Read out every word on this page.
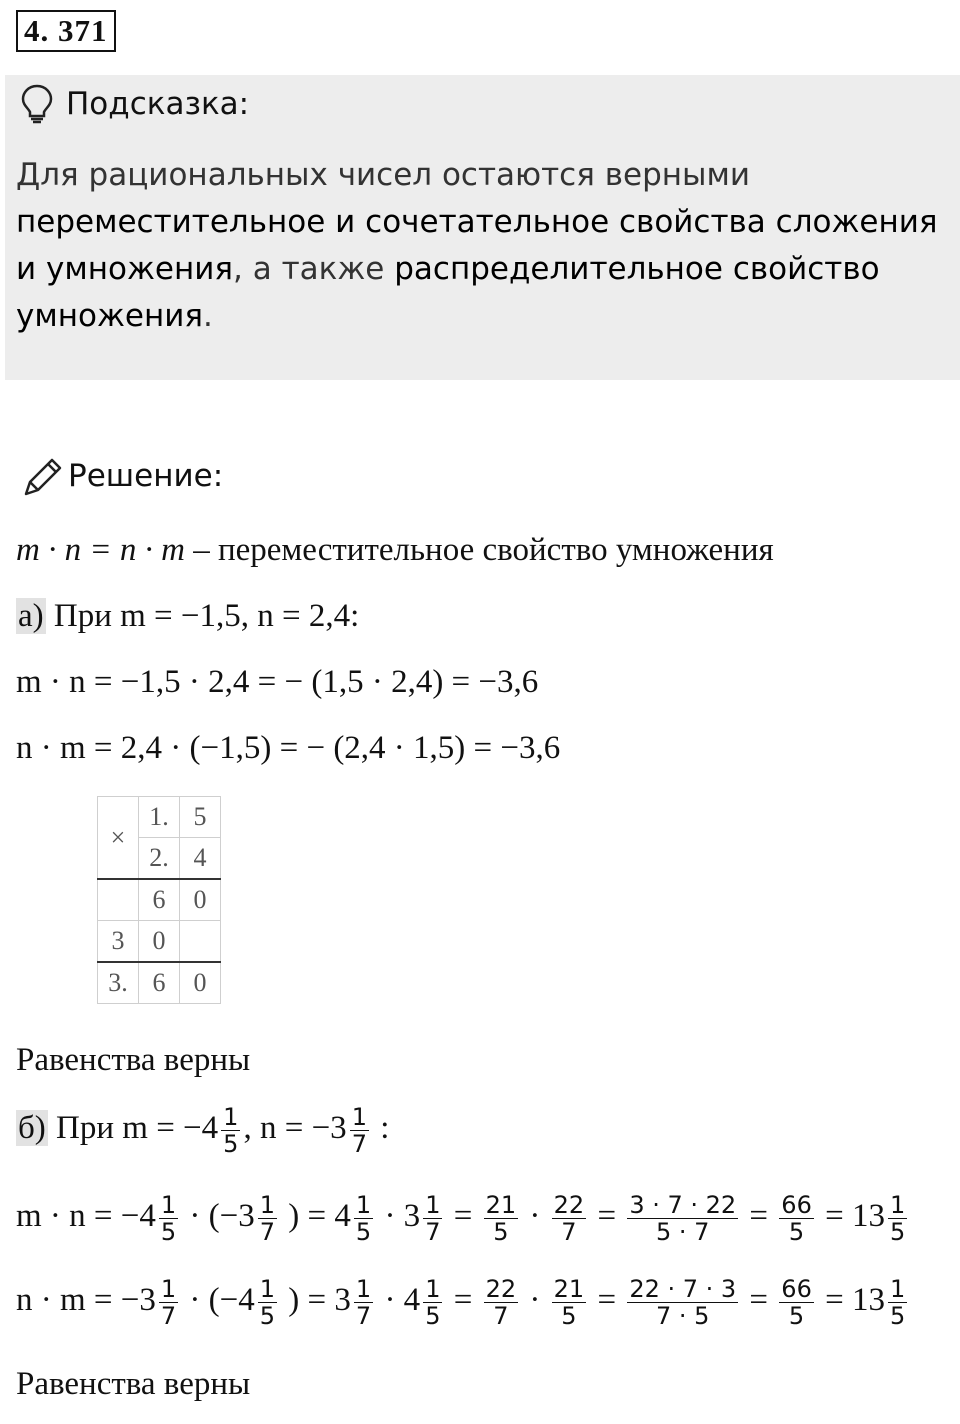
4. 371
Подсказка:
Для рациональных чисел остаются верными
переместительное и сочетательное свойства сложения и умножения, а также распределительное свойство умножения.
Решение:
m · n = n · m – переместительное свойство умножения
а) При m = −1,5, n = 2,4:
m · n = −1,5 · 2,4 = − (1,5 · 2,4) = −3,6
n · m = 2,4 · (−1,5) = − (2,4 · 1,5) = −3,6
×	1.	5
	2.	4
	6	0
3	0	
3.	6	0
Равенства верны
б) При $m = -4 \frac{1}{5}$ , $n = -3 \frac{1}{7}$ :
$m \cdot n = -4 \frac{1}{5} \cdot (-3 \frac{1}{7}$ ) = $4 \frac{1}{5} \cdot 3 \frac{1}{7} = \frac{21}{5} \cdot \frac{22}{7} = \frac{3 \cdot 7 \cdot 22}{5 \cdot 7} = \frac{66}{5} = 13 \frac{1}{5}$
$n \cdot m = -3 \frac{1}{7} \cdot (-4 \frac{1}{5}$ ) = $3 \frac{1}{7} \cdot 4 \frac{1}{5} = \frac{22}{7} \cdot \frac{21}{5} = \frac{22 \cdot 7 \cdot 3}{7 \cdot 5} = \frac{66}{5} = 13 \frac{1}{5}$
Равенства верны
